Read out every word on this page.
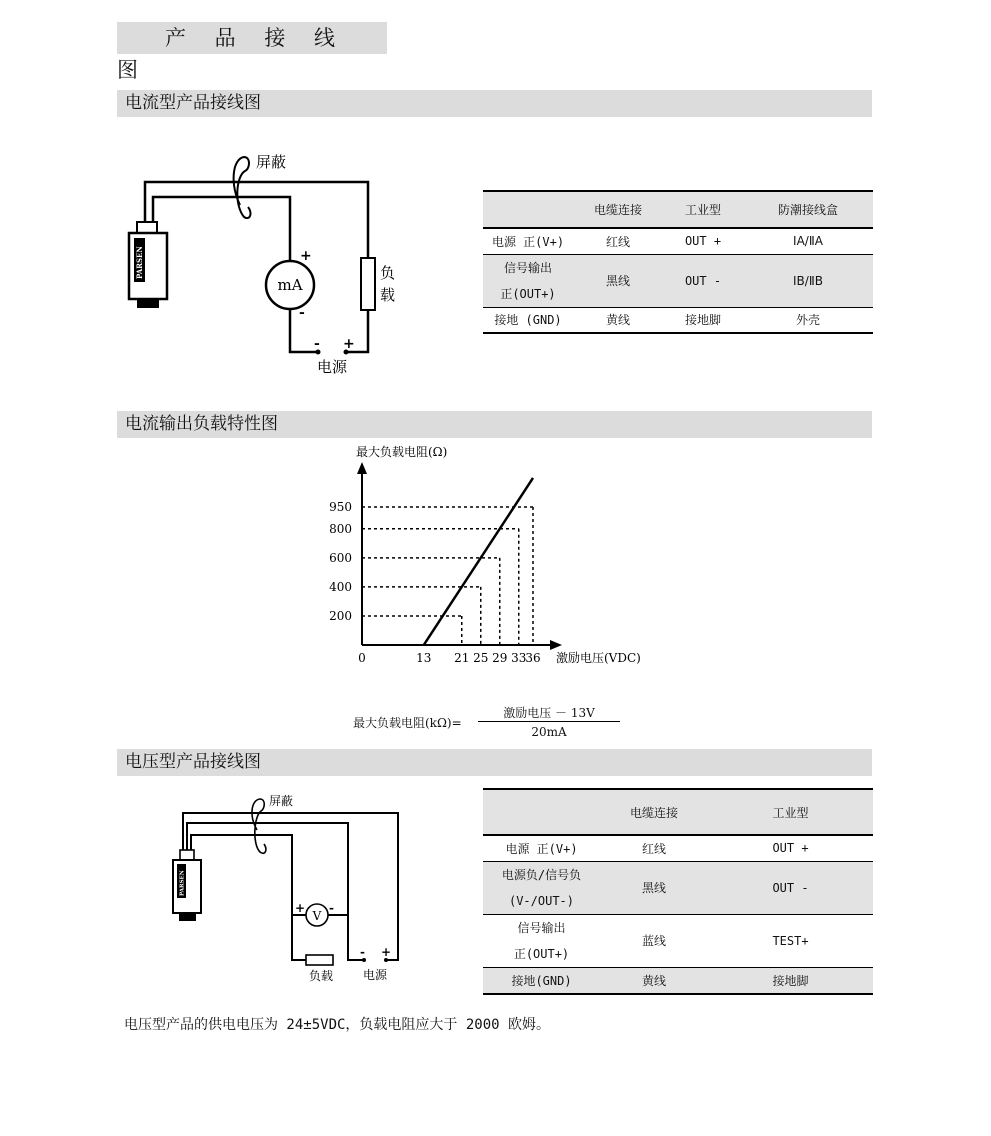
产 品 接 线 图
电流型产品接线图
屏蔽
PARSEN
mA
+
-
负
载
- +
电源
	电缆连接	工业型	防潮接线盒
电源 正(V+)	红线	OUT +	ⅠA/ⅡA
信号输出
正(OUT+)	黑线	OUT -	ⅠB/ⅡB
接地 (GND)	黄线	接地脚	外壳
电流输出负载特性图
最大负载电阻(Ω)
激励电压(VDC)
0	13 21 25 29 33
36
950
800
600
400
200
最大负载电阻(kΩ)=
激励电压 － 13V
20mA
电压型产品接线图
屏蔽
PARSEN
V
+ -
负载
- +
电源
	电缆连接	工业型
电源 正(V+)	红线	OUT +
电源负/信号负
(V-/OUT-)	黑线	OUT -
信号输出
正(OUT+)	蓝线	TEST+
接地(GND)	黄线	接地脚
电压型产品的供电电压为 24±5VDC，负载电阻应大于 2000 欧姆。
